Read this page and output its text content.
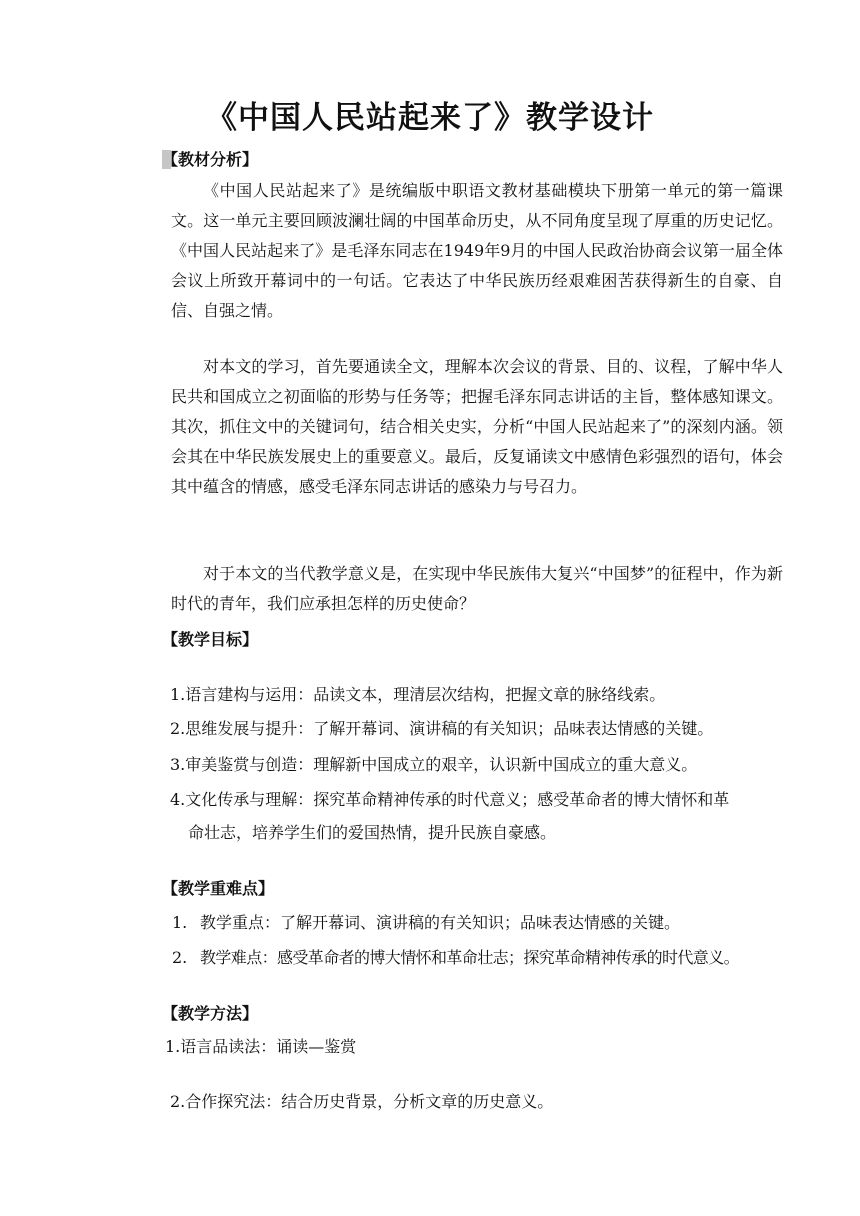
《中国人民站起来了》教学设计
【教材分析】
《中国人民站起来了》是统编版中职语文教材基础模块下册第一单元的第一篇课文。这一单元主要回顾波澜壮阔的中国革命历史，从不同角度呈现了厚重的历史记忆。《中国人民站起来了》是毛泽东同志在1949年9月的中国人民政治协商会议第一届全体会议上所致开幕词中的一句话。它表达了中华民族历经艰难困苦获得新生的自豪、自信、自强之情。
对本文的学习，首先要通读全文，理解本次会议的背景、目的、议程，了解中华人民共和国成立之初面临的形势与任务等；把握毛泽东同志讲话的主旨，整体感知课文。其次，抓住文中的关键词句，结合相关史实，分析“中国人民站起来了”的深刻内涵。领会其在中华民族发展史上的重要意义。最后，反复诵读文中感情色彩强烈的语句，体会其中蕴含的情感，感受毛泽东同志讲话的感染力与号召力。
对于本文的当代教学意义是，在实现中华民族伟大复兴“中国梦”的征程中，作为新时代的青年，我们应承担怎样的历史使命？
【教学目标】
1.语言建构与运用：品读文本，理清层次结构，把握文章的脉络线索。
2.思维发展与提升：了解开幕词、演讲稿的有关知识；品味表达情感的关键。
3.审美鉴赏与创造：理解新中国成立的艰辛，认识新中国成立的重大意义。
4.文化传承与理解：探究革命精神传承的时代意义；感受革命者的博大情怀和革
命壮志，培养学生们的爱国热情，提升民族自豪感。
【教学重难点】
1. 教学重点：了解开幕词、演讲稿的有关知识；品味表达情感的关键。
2. 教学难点：感受革命者的博大情怀和革命壮志；探究革命精神传承的时代意义。
【教学方法】
1.语言品读法：诵读—鉴赏
2.合作探究法：结合历史背景，分析文章的历史意义。
